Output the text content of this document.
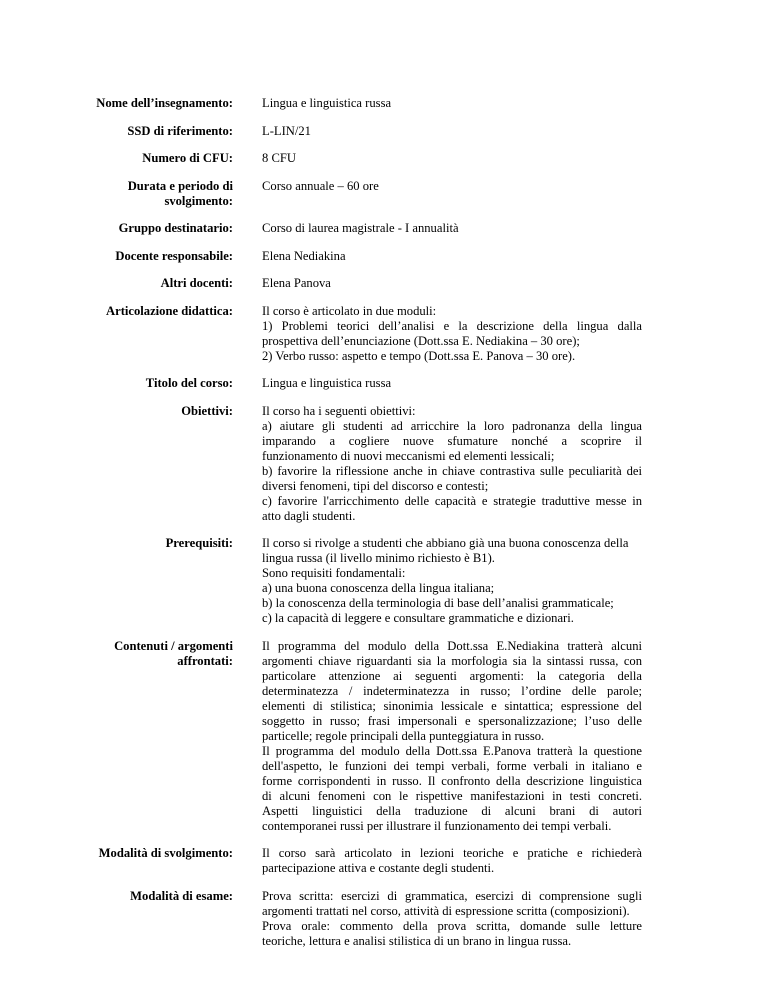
Nome dell’insegnamento: Lingua e linguistica russa
SSD di riferimento: L-LIN/21
Numero di CFU: 8 CFU
Durata e periodo di
svolgimento:
Corso annuale – 60 ore
Gruppo destinatario: Corso di laurea magistrale - I annualità
Docente responsabile: Elena Nediakina
Altri docenti: Elena Panova
Articolazione didattica: Il corso è articolato in due moduli:
1) Problemi teorici dell’analisi e la descrizione della lingua dalla
prospettiva dell’enunciazione (Dott.ssa E. Nediakina – 30 ore);
2) Verbo russo: aspetto e tempo (Dott.ssa E. Panova – 30 ore).
Titolo del corso: Lingua e linguistica russa
Obiettivi: Il corso ha i seguenti obiettivi:
a) aiutare gli studenti ad arricchire la loro padronanza della lingua
imparando a cogliere nuove sfumature nonché a scoprire il
funzionamento di nuovi meccanismi ed elementi lessicali;
b) favorire la riflessione anche in chiave contrastiva sulle peculiarità dei
diversi fenomeni, tipi del discorso e contesti;
c) favorire l'arricchimento delle capacità e strategie traduttive messe in
atto dagli studenti.
Prerequisiti: Il corso si rivolge a studenti che abbiano già una buona conoscenza della
lingua russa (il livello minimo richiesto è B1).
Sono requisiti fondamentali:
a) una buona conoscenza della lingua italiana;
b) la conoscenza della terminologia di base dell’analisi grammaticale;
c) la capacità di leggere e consultare grammatiche e dizionari.
Contenuti / argomenti
affrontati:
Il programma del modulo della Dott.ssa E.Nediakina tratterà alcuni
argomenti chiave riguardanti sia la morfologia sia la sintassi russa, con
particolare attenzione ai seguenti argomenti: la categoria della
determinatezza / indeterminatezza in russo; l’ordine delle parole;
elementi di stilistica; sinonimia lessicale e sintattica; espressione del
soggetto in russo; frasi impersonali e spersonalizzazione; l’uso delle
particelle; regole principali della punteggiatura in russo.
Il programma del modulo della Dott.ssa E.Panova tratterà la questione
dell'aspetto, le funzioni dei tempi verbali, forme verbali in italiano e
forme corrispondenti in russo. Il confronto della descrizione linguistica
di alcuni fenomeni con le rispettive manifestazioni in testi concreti.
Aspetti linguistici della traduzione di alcuni brani di autori
contemporanei russi per illustrare il funzionamento dei tempi verbali.
Modalità di svolgimento: Il corso sarà articolato in lezioni teoriche e pratiche e richiederà
partecipazione attiva e costante degli studenti.
Modalità di esame: Prova scritta: esercizi di grammatica, esercizi di comprensione sugli
argomenti trattati nel corso, attività di espressione scritta (composizioni).
Prova orale: commento della prova scritta, domande sulle letture
teoriche, lettura e analisi stilistica di un brano in lingua russa.
